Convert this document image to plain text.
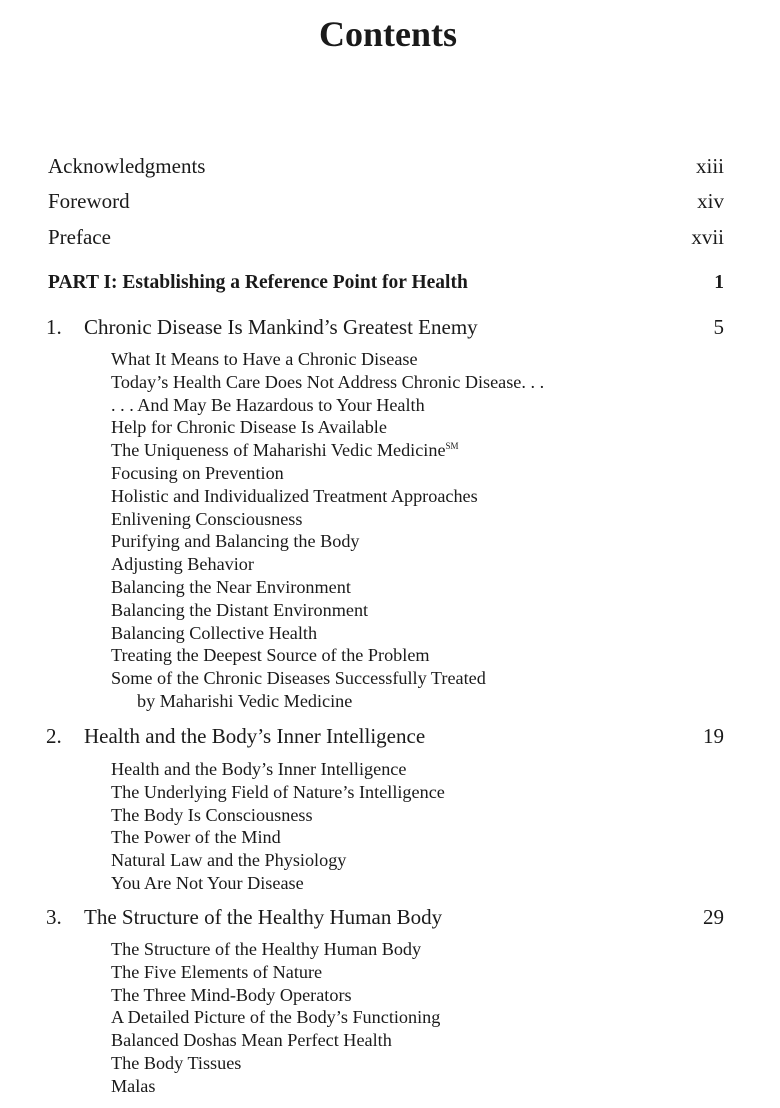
Contents
Acknowledgments	xiii
Foreword	xiv
Preface	xvii
PART I: Establishing a Reference Point for Health	1
1. Chronic Disease Is Mankind’s Greatest Enemy	5
What It Means to Have a Chronic Disease
Today’s Health Care Does Not Address Chronic Disease. . .
. . . And May Be Hazardous to Your Health
Help for Chronic Disease Is Available
The Uniqueness of Maharishi Vedic Medicine℠
Focusing on Prevention
Holistic and Individualized Treatment Approaches
Enlivening Consciousness
Purifying and Balancing the Body
Adjusting Behavior
Balancing the Near Environment
Balancing the Distant Environment
Balancing Collective Health
Treating the Deepest Source of the Problem
Some of the Chronic Diseases Successfully Treated
by Maharishi Vedic Medicine
2. Health and the Body’s Inner Intelligence	19
Health and the Body’s Inner Intelligence
The Underlying Field of Nature’s Intelligence
The Body Is Consciousness
The Power of the Mind
Natural Law and the Physiology
You Are Not Your Disease
3. The Structure of the Healthy Human Body	29
The Structure of the Healthy Human Body
The Five Elements of Nature
The Three Mind-Body Operators
A Detailed Picture of the Body’s Functioning
Balanced Doshas Mean Perfect Health
The Body Tissues
Malas
